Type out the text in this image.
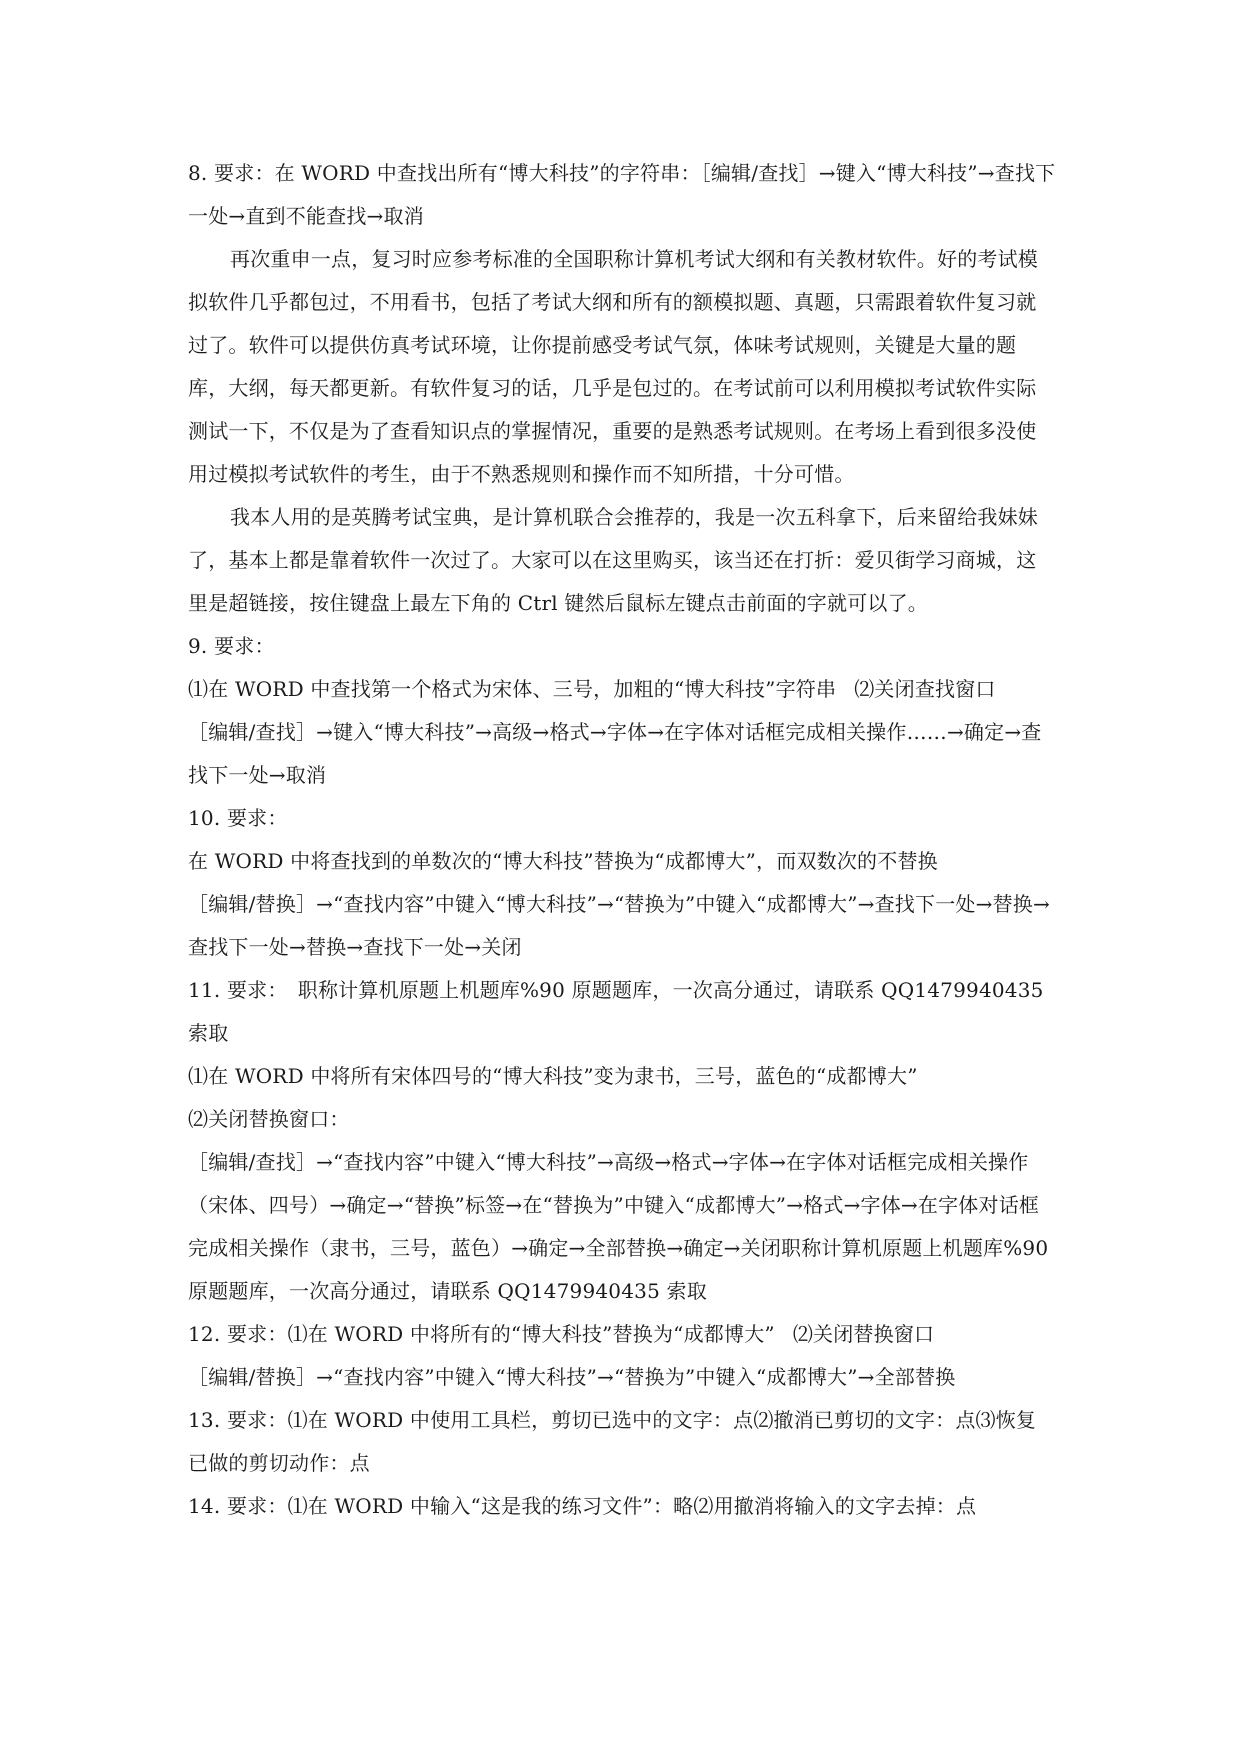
8. 要求：在 WORD 中查找出所有“博大科技”的字符串：［编辑/查找］→键入“博大科技”→查找下一处→直到不能查找→取消

再次重申一点，复习时应参考标准的全国职称计算机考试大纲和有关教材软件。好的考试模拟软件几乎都包过，不用看书，包括了考试大纲和所有的额模拟题、真题，只需跟着软件复习就过了。软件可以提供仿真考试环境，让你提前感受考试气氛，体味考试规则，关键是大量的题库，大纲，每天都更新。有软件复习的话，几乎是包过的。在考试前可以利用模拟考试软件实际测试一下，不仅是为了查看知识点的掌握情况，重要的是熟悉考试规则。在考场上看到很多没使用过模拟考试软件的考生，由于不熟悉规则和操作而不知所措，十分可惜。

我本人用的是英腾考试宝典，是计算机联合会推荐的，我是一次五科拿下，后来留给我妹妹了，基本上都是靠着软件一次过了。大家可以在这里购买，该当还在打折：爱贝街学习商城，这里是超链接，按住键盘上最左下角的 Ctrl 键然后鼠标左键点击前面的字就可以了。

9. 要求：

⑴在 WORD 中查找第一个格式为宋体、三号，加粗的“博大科技”字符串 ⑵关闭查找窗口

［编辑/查找］→键入“博大科技”→高级→格式→字体→在字体对话框完成相关操作……→确定→查找下一处→取消

10. 要求：

在 WORD 中将查找到的单数次的“博大科技”替换为“成都博大”，而双数次的不替换

［编辑/替换］→“查找内容”中键入“博大科技”→“替换为”中键入“成都博大”→查找下一处→替换→查找下一处→替换→查找下一处→关闭

11. 要求：　职称计算机原题上机题库%90 原题题库，一次高分通过，请联系 QQ1479940435 索取

⑴在 WORD 中将所有宋体四号的“博大科技”变为隶书，三号，蓝色的“成都博大”

⑵关闭替换窗口：

［编辑/查找］→“查找内容”中键入“博大科技”→高级→格式→字体→在字体对话框完成相关操作（宋体、四号）→确定→“替换”标签→在“替换为”中键入“成都博大”→格式→字体→在字体对话框完成相关操作（隶书，三号，蓝色）→确定→全部替换→确定→关闭职称计算机原题上机题库%90 原题题库，一次高分通过，请联系 QQ1479940435 索取

12. 要求：⑴在 WORD 中将所有的“博大科技”替换为“成都博大” ⑵关闭替换窗口

［编辑/替换］→“查找内容”中键入“博大科技”→“替换为”中键入“成都博大”→全部替换

13. 要求：⑴在 WORD 中使用工具栏，剪切已选中的文字：点⑵撤消已剪切的文字：点⑶恢复已做的剪切动作：点

14. 要求：⑴在 WORD 中输入“这是我的练习文件”：略⑵用撤消将输入的文字去掉：点
